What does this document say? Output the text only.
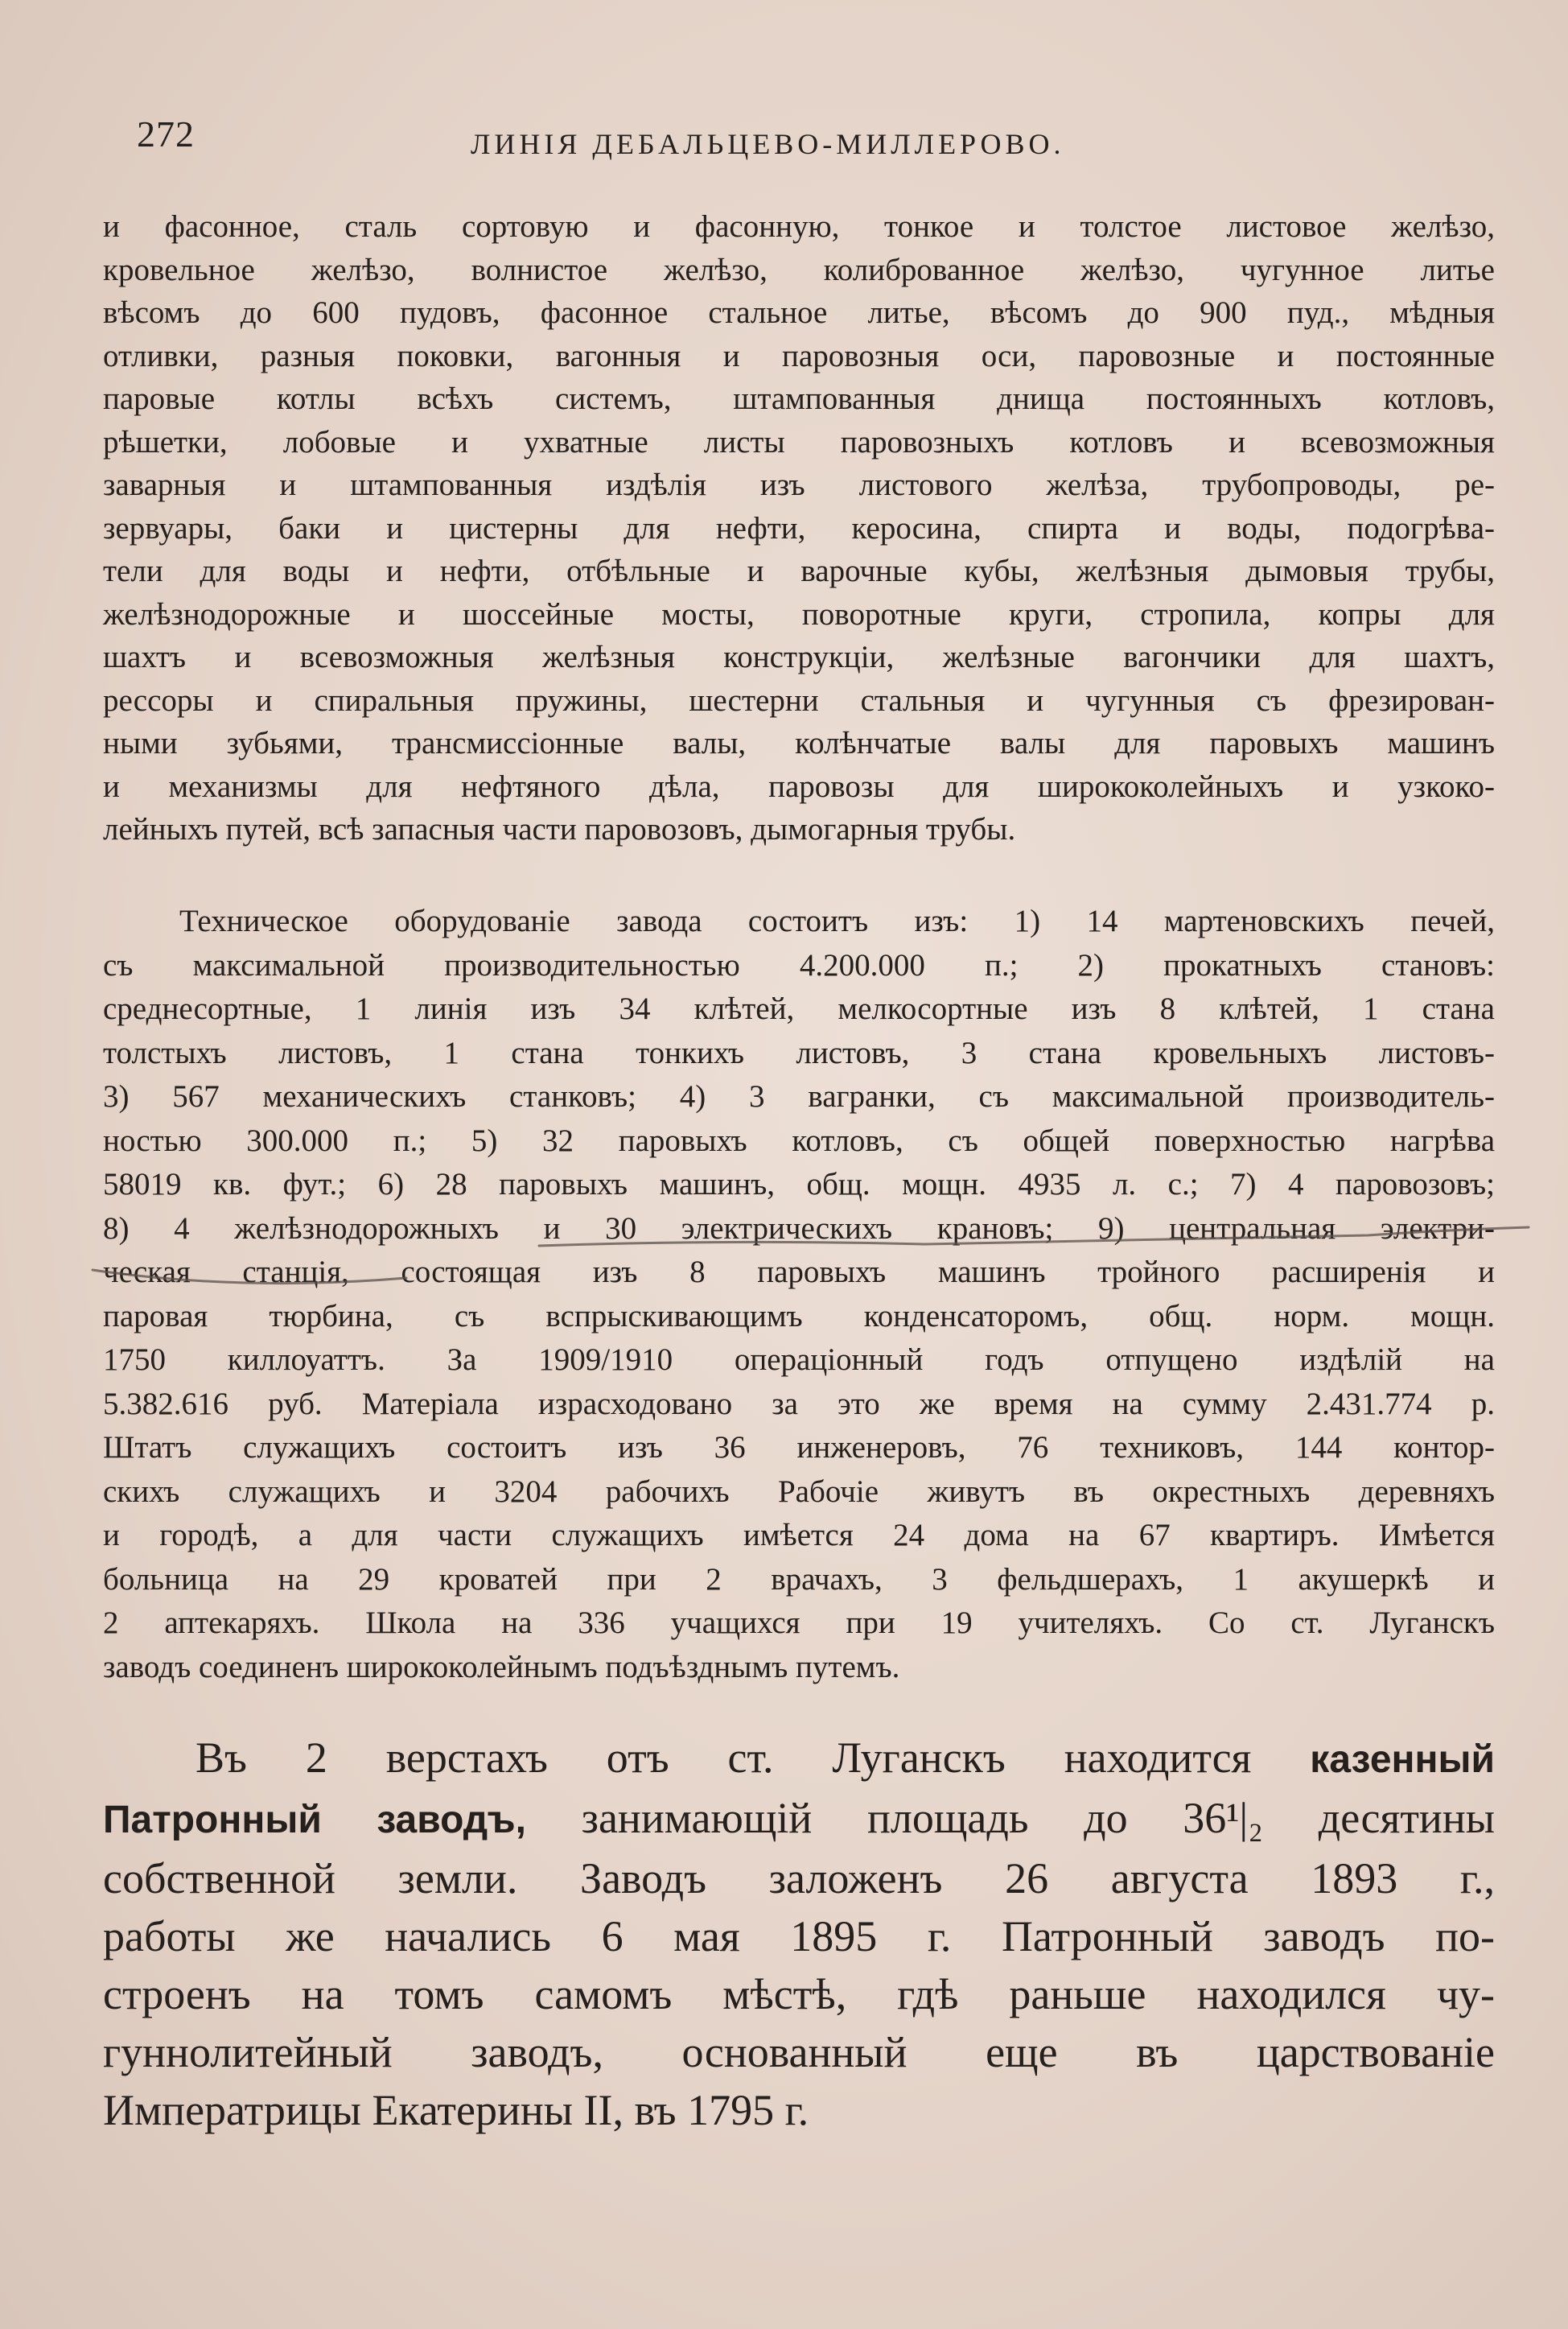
272	ЛИНІЯ ДЕБАЛЬЦЕВО-МИЛЛЕРОВО.
и фасонное, сталь сортовую и фасонную, тонкое и толстое листовое желѣзо,
кровельное желѣзо, волнистое желѣзо, колиброванное желѣзо, чугунное литье
вѣсомъ до 600 пудовъ, фасонное стальное литье, вѣсомъ до 900 пуд., мѣдныя
отливки, разныя поковки, вагонныя и паровозныя оси, паровозные и постоянные
паровые котлы всѣхъ системъ, штампованныя днища постоянныхъ котловъ,
рѣшетки, лобовые и ухватные листы паровозныхъ котловъ и всевозможныя
заварныя и штампованныя издѣлія изъ листового желѣза, трубопроводы, ре-
зервуары, баки и цистерны для нефти, керосина, спирта и воды, подогрѣва-
тели для воды и нефти, отбѣльные и варочные кубы, желѣзныя дымовыя трубы,
желѣзнодорожные и шоссейные мосты, поворотные круги, стропила, копры для
шахтъ и всевозможныя желѣзныя конструкціи, желѣзные вагончики для шахтъ,
рессоры и спиральныя пружины, шестерни стальныя и чугунныя съ фрезирован-
ными зубьями, трансмиссіонные валы, колѣнчатые валы для паровыхъ машинъ
и механизмы для нефтяного дѣла, паровозы для ширококолейныхъ и узкоко-
лейныхъ путей, всѣ запасныя части паровозовъ, дымогарныя трубы.
Техническое оборудованіе завода состоитъ изъ: 1) 14 мартеновскихъ печей,
съ максимальной производительностью 4.200.000 п.; 2) прокатныхъ становъ:
среднесортные, 1 линія изъ 34 клѣтей, мелкосортные изъ 8 клѣтей, 1 стана
толстыхъ листовъ, 1 стана тонкихъ листовъ, 3 стана кровельныхъ листовъ-
3) 567 механическихъ станковъ; 4) 3 вагранки, съ максимальной производитель-
ностью 300.000 п.; 5) 32 паровыхъ котловъ, съ общей поверхностью нагрѣва
58019 кв. фут.; 6) 28 паровыхъ машинъ, общ. мощн. 4935 л. с.; 7) 4 паровозовъ;
8) 4 желѣзнодорожныхъ и 30 электрическихъ крановъ; 9) центральная электри-
ческая станція, состоящая изъ 8 паровыхъ машинъ тройного расширенія и
паровая тюрбина, съ вспрыскивающимъ конденсаторомъ, общ. норм. мощн.
1750 киллоуаттъ. За 1909/1910 операціонный годъ отпущено издѣлій на
5.382.616 руб. Матеріала израсходовано за это же время на сумму 2.431.774 р.
Штатъ служащихъ состоитъ изъ 36 инженеровъ, 76 техниковъ, 144 контор-
скихъ служащихъ и 3204 рабочихъ Рабочіе живутъ въ окрестныхъ деревняхъ
и городѣ, а для части служащихъ имѣется 24 дома на 67 квартиръ. Имѣется
больница на 29 кроватей при 2 врачахъ, 3 фельдшерахъ, 1 акушеркѣ и
2 аптекаряхъ. Школа на 336 учащихся при 19 учителяхъ. Со ст. Луганскъ
заводъ соединенъ ширококолейнымъ подъѣзднымъ путемъ.
Въ 2 верстахъ отъ ст. Луганскъ находится казенный
Патронный заводъ, занимающій площадь до 36¹|₂ десятины
собственной земли. Заводъ заложенъ 26 августа 1893 г.,
работы же начались 6 мая 1895 г. Патронный заводъ по-
строенъ на томъ самомъ мѣстѣ, гдѣ раньше находился чу-
гуннолитейный заводъ, основанный еще въ царствованіе
Императрицы Екатерины II, въ 1795 г.
